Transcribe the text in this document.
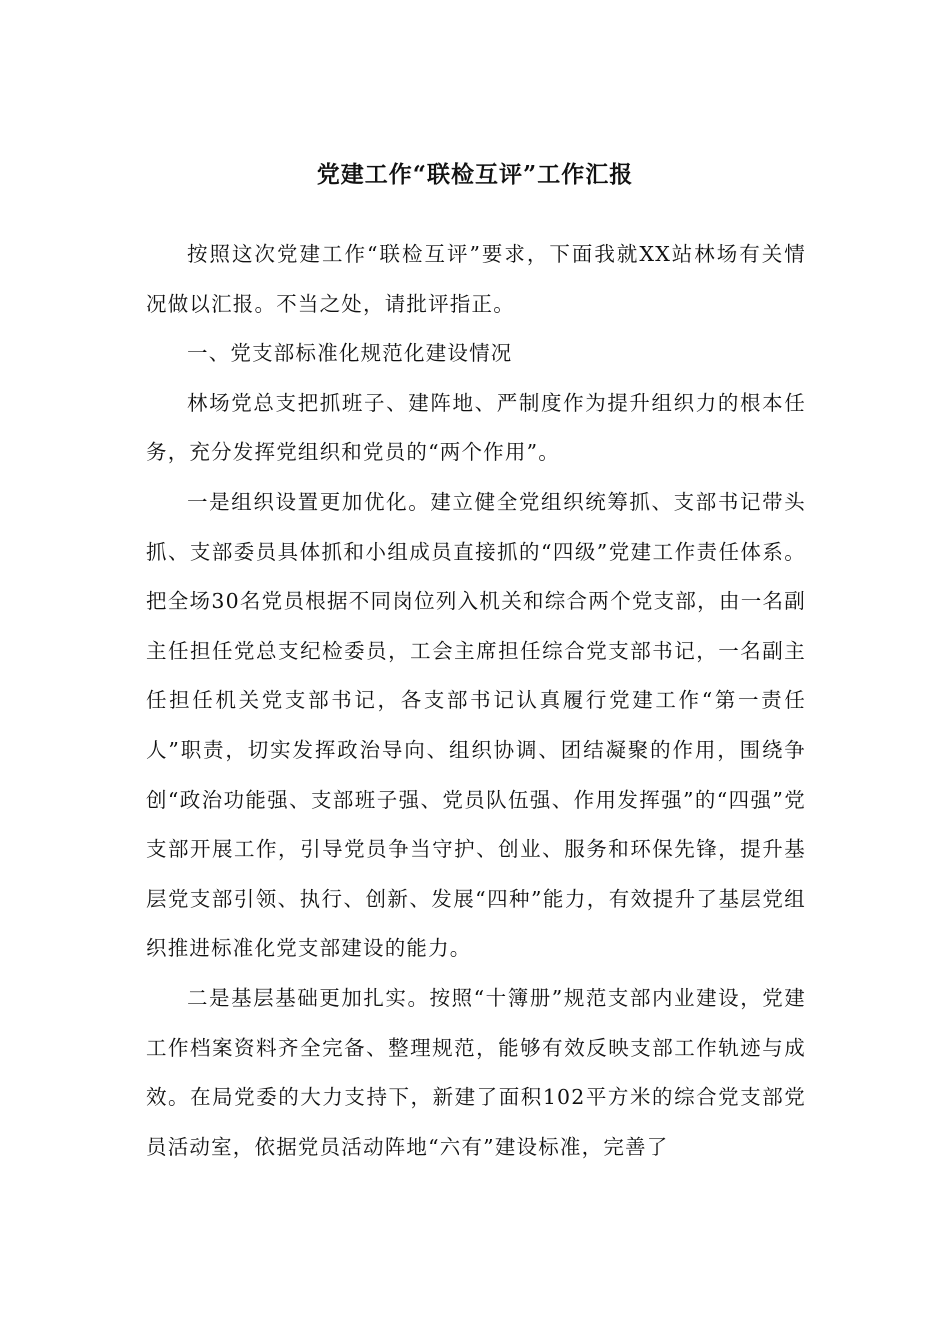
党建工作“联检互评”工作汇报

按照这次党建工作“联检互评”要求，下面我就XX站林场有关情况做以汇报。不当之处，请批评指正。

一、党支部标准化规范化建设情况

林场党总支把抓班子、建阵地、严制度作为提升组织力的根本任务，充分发挥党组织和党员的“两个作用”。

一是组织设置更加优化。建立健全党组织统筹抓、支部书记带头抓、支部委员具体抓和小组成员直接抓的“四级”党建工作责任体系。把全场30名党员根据不同岗位列入机关和综合两个党支部，由一名副主任担任党总支纪检委员，工会主席担任综合党支部书记，一名副主任担任机关党支部书记，各支部书记认真履行党建工作“第一责任人”职责，切实发挥政治导向、组织协调、团结凝聚的作用，围绕争创“政治功能强、支部班子强、党员队伍强、作用发挥强”的“四强”党支部开展工作，引导党员争当守护、创业、服务和环保先锋，提升基层党支部引领、执行、创新、发展“四种”能力，有效提升了基层党组织推进标准化党支部建设的能力。

二是基层基础更加扎实。按照“十簿册”规范支部内业建设，党建工作档案资料齐全完备、整理规范，能够有效反映支部工作轨迹与成效。在局党委的大力支持下，新建了面积102平方米的综合党支部党员活动室，依据党员活动阵地“六有”建设标准，完善了
